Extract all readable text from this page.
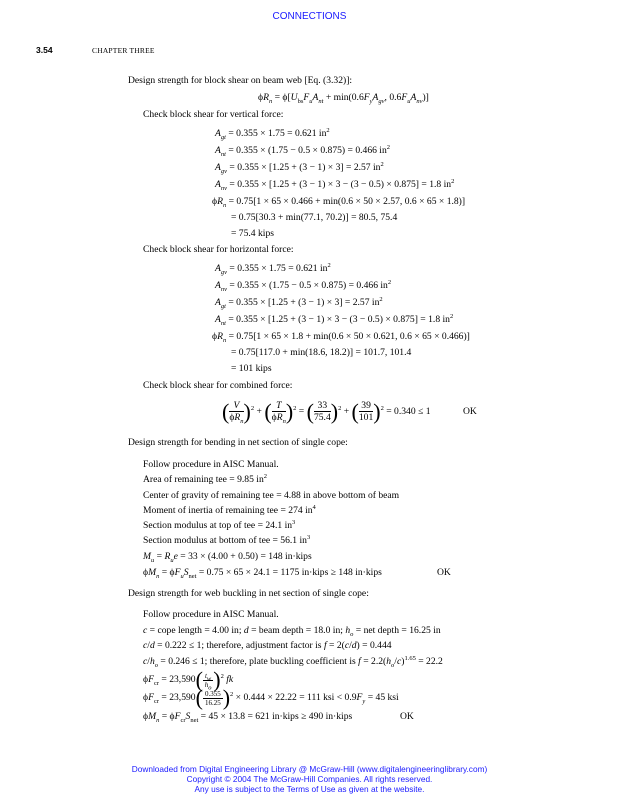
CONNECTIONS
3.54	CHAPTER THREE
Design strength for block shear on beam web [Eq. (3.32)]:
$\phi R_n = \phi[U_{bs}F_uA_{nt} + \min(0.6F_yA_{gv}$, $0.6F_uA_{nv}$)]
Check block shear for vertical force:
$A_{gt} = 0.355 \times 1.75 = 0.621$ $in^2$
$A_{nt} = 0.355 \times (1.75 - 0.5 \times 0.875) = 0.466$ $in^2$
$A_{gv} = 0.355 \times [1.25 + (3 - 1) \times 3] = 2.57$ $in^2$
$A_{nv} = 0.355 \times [1.25 + (3 - 1) \times 3 - (3 - 0.5) \times 0.875] = 1.8$ $in^2$
$\phi R_n = 0.75[1 \times 65 \times 0.466 + \min(0.6 \times 50 \times 2.57$, 0.6 × 65 × 1.8)]
= 0.75[30.3 + min(77.1, 70.2)] = 80.5, 75.4
= 75.4 kips
Check block shear for horizontal force:
$A_{gv} = 0.355 \times 1.75 = 0.621$ $in^2$
$A_{nv} = 0.355 \times (1.75 - 0.5 \times 0.875) = 0.466$ $in^2$
$A_{gt} = 0.355 \times [1.25 + (3 - 1) \times 3] = 2.57$ $in^2$
$A_{nt} = 0.355 \times [1.25 + (3 - 1) \times 3 - (3 - 0.5) \times 0.875] = 1.8$ $in^2$
$\phi R_n = 0.75[1 \times 65 \times 1.8 + \min(0.6 \times 50 \times 0.621$, 0.6 × 65 × 0.466)]
= 0.75[117.0 + min(18.6, 18.2)] = 101.7, 101.4
= 101 kips
Check block shear for combined force:
( $\frac{V}{\phi R_n} )^2$ + ( $\frac{T}{\phi R_n} )^2$ = ( $\frac{33}{75.4} )^2$ + ( $\frac{39}{101} )^2 = 0.340 \le 1$	OK
Design strength for bending in net section of single cope:
Follow procedure in AISC Manual.
Area of remaining tee = 9.85 $in^2$
Center of gravity of remaining tee = 4.88 in above bottom of beam
Moment of inertia of remaining tee = 274 $in^4$
Section modulus at top of tee = 24.1 $in^3$
Section modulus at bottom of tee = 56.1 $in^3$
$M_u = R_ue = 33 \times (4.00 + 0.50) = 148$ in·kips
$\phi M_n = \phi F_uS_{net} = 0.75 \times 65 \times 24.1 = 1175$ in·kips ≥ 148 in·kips	OK
Design strength for web buckling in net section of single cope:
Follow procedure in AISC Manual.
c = cope length = 4.00 in; d = beam depth = 18.0 in; $h_o$ = net depth = 16.25 in
c/d = 0.222 ≤ 1; therefore, adjustment factor is f = 2(c/d) = 0.444
$c/h_o = 0.246 \le 1$; therefore, plate buckling coefficient is $f = 2.2(h_o/c)^{1.65} = 22.2$
$\phi F_{cr} = 23,590( \frac{t_w}{h_o} )^2$ fk
$\phi F_{cr} = 23,590( \frac{0.355}{16.25} )^2 \times 0.444 \times 22.22 = 111$ ksi < $0.9F_y = 45$ ksi
$\phi M_n = \phi F_{cr}S_{net} = 45 \times 13.8 = 621$ in·kips ≥ 490 in·kips	OK
Downloaded from Digital Engineering Library @ McGraw-Hill (www.digitalengineeringlibrary.com)
Copyright © 2004 The McGraw-Hill Companies. All rights reserved.
Any use is subject to the Terms of Use as given at the website.
